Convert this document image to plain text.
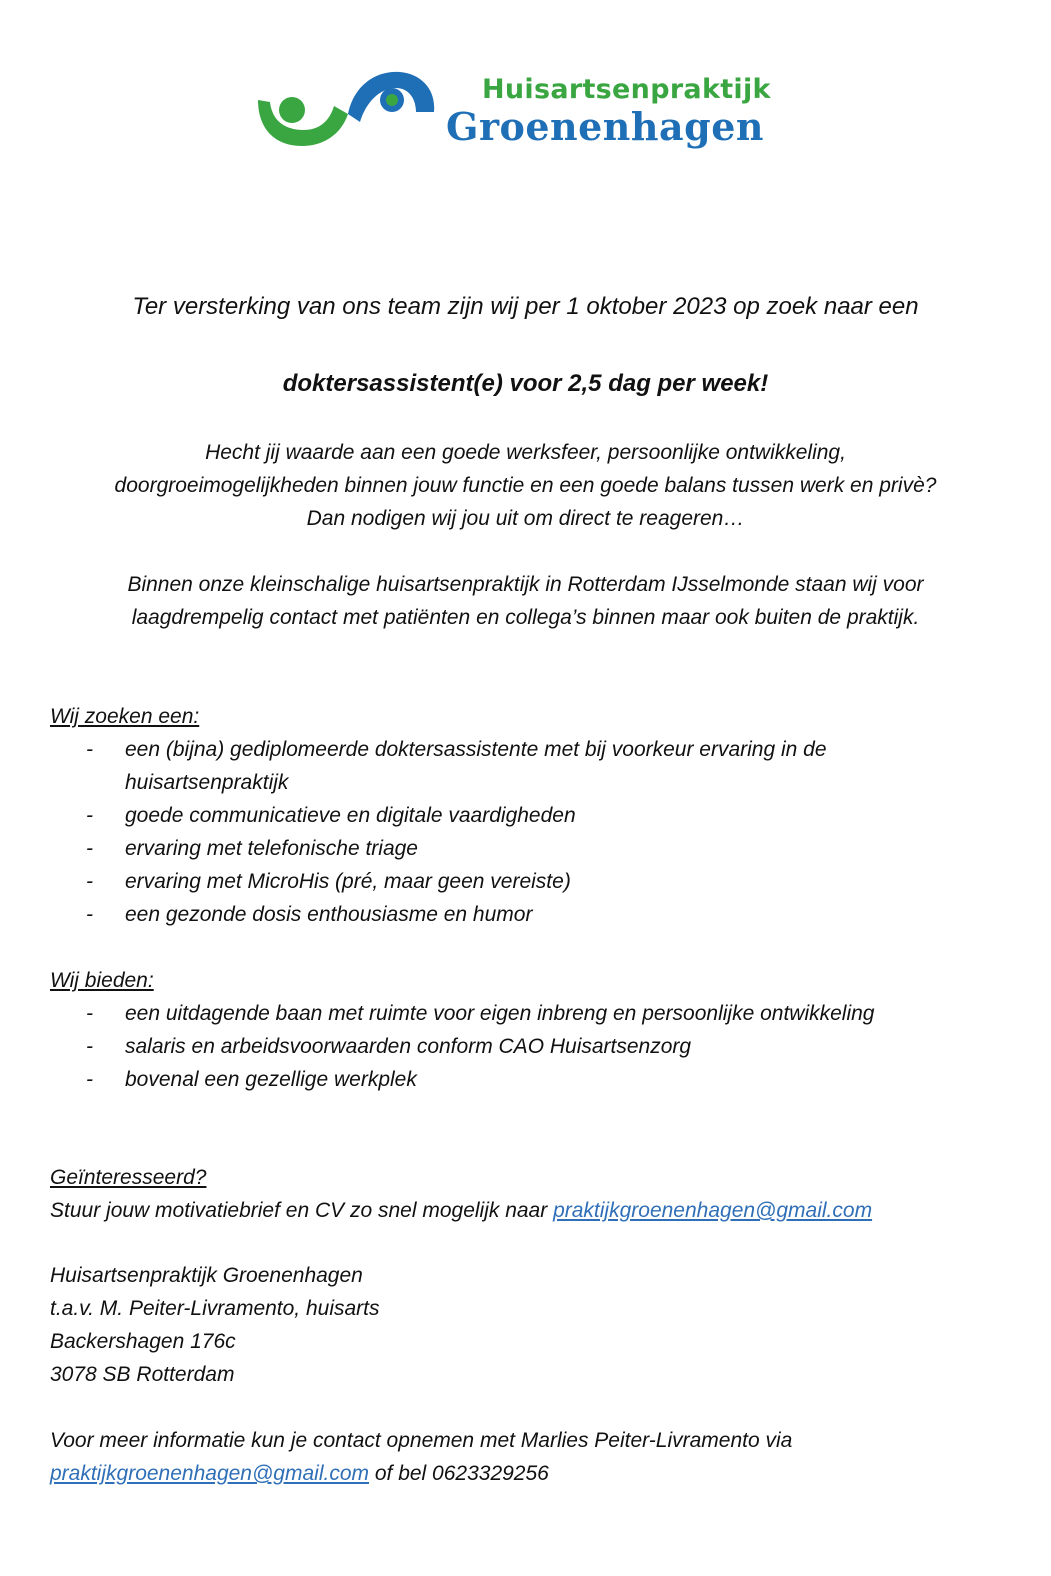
Huisartsenpraktijk
Groenenhagen
Ter versterking van ons team zijn wij per 1 oktober 2023 op zoek naar een
doktersassistent(e) voor 2,5 dag per week!
Hecht jij waarde aan een goede werksfeer, persoonlijke ontwikkeling,
doorgroeimogelijkheden binnen jouw functie en een goede balans tussen werk en privè?
Dan nodigen wij jou uit om direct te reageren…
Binnen onze kleinschalige huisartsenpraktijk in Rotterdam IJsselmonde staan wij voor
laagdrempelig contact met patiënten en collega’s binnen maar ook buiten de praktijk.
Wij zoeken een:
- een (bijna) gediplomeerde doktersassistente met bij voorkeur ervaring in de
huisartsenpraktijk
- goede communicatieve en digitale vaardigheden
- ervaring met telefonische triage
- ervaring met MicroHis (pré, maar geen vereiste)
- een gezonde dosis enthousiasme en humor
Wij bieden:
- een uitdagende baan met ruimte voor eigen inbreng en persoonlijke ontwikkeling
- salaris en arbeidsvoorwaarden conform CAO Huisartsenzorg
- bovenal een gezellige werkplek
Geïnteresseerd?
Stuur jouw motivatiebrief en CV zo snel mogelijk naar praktijkgroenenhagen@gmail.com
Huisartsenpraktijk Groenenhagen
t.a.v. M. Peiter-Livramento, huisarts
Backershagen 176c
3078 SB Rotterdam
Voor meer informatie kun je contact opnemen met Marlies Peiter-Livramento via
praktijkgroenenhagen@gmail.com of bel 0623329256
